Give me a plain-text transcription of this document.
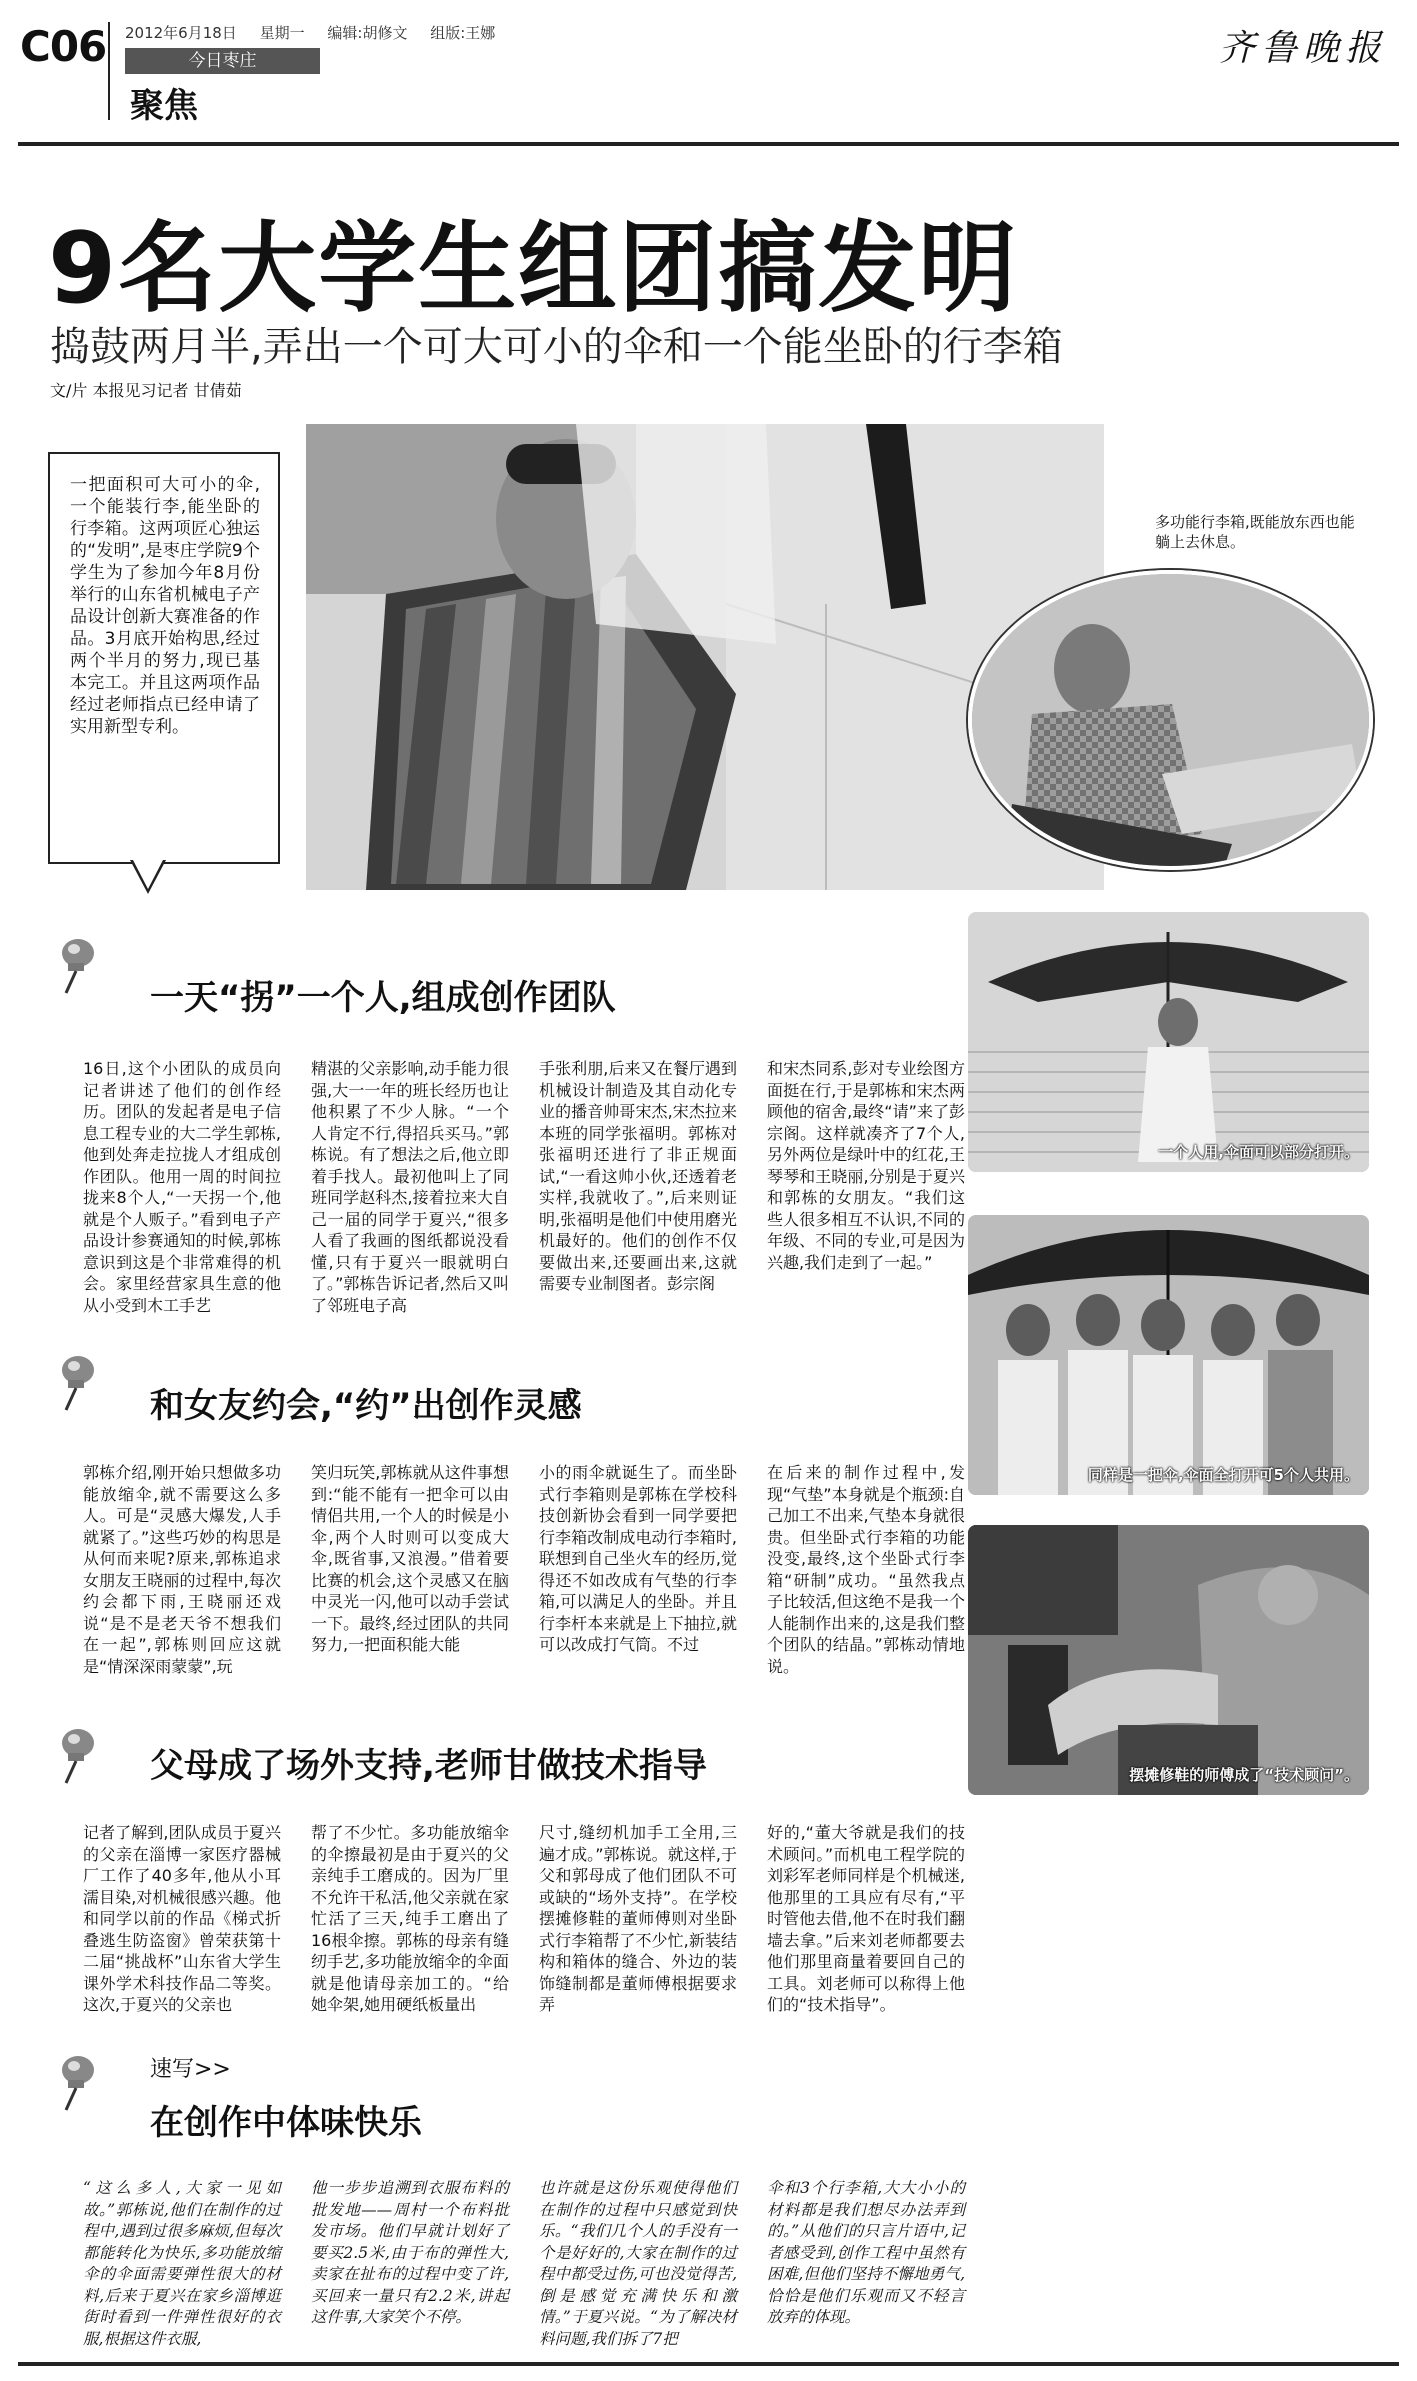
C06 2012年6月18日 星期一 编辑:胡修文 组版:王娜
今日枣庄
聚焦
齐鲁晚报
9名大学生组团搞发明
捣鼓两月半,弄出一个可大可小的伞和一个能坐卧的行李箱
文/片 本报见习记者 甘倩茹
一把面积可大可小的伞,一个能装行李,能坐卧的行李箱。这两项匠心独运的“发明”,是枣庄学院9个学生为了参加今年8月份举行的山东省机械电子产品设计创新大赛准备的作品。3月底开始构思,经过两个半月的努力,现已基本完工。并且这两项作品经过老师指点已经申请了实用新型专利。
多功能行李箱,既能放东西也能躺上去休息。
一个人用,伞面可以部分打开。
同样是一把伞,伞面全打开可5个人共用。
摆摊修鞋的师傅成了“技术顾问”。
一天“拐”一个人,组成创作团队
16日,这个小团队的成员向记者讲述了他们的创作经历。团队的发起者是电子信息工程专业的大二学生郭栋,他到处奔走拉拢人才组成创作团队。他用一周的时间拉拢来8个人,“一天拐一个,他就是个人贩子。”看到电子产品设计参赛通知的时候,郭栋意识到这是个非常难得的机会。家里经营家具生意的他从小受到木工手艺
精湛的父亲影响,动手能力很强,大一一年的班长经历也让他积累了不少人脉。“一个人肯定不行,得招兵买马。”郭栋说。有了想法之后,他立即着手找人。最初他叫上了同班同学赵科杰,接着拉来大自己一届的同学于夏兴,“很多人看了我画的图纸都说没看懂,只有于夏兴一眼就明白了。”郭栋告诉记者,然后又叫了邻班电子高
手张利朋,后来又在餐厅遇到机械设计制造及其自动化专业的播音帅哥宋杰,宋杰拉来本班的同学张福明。郭栋对张福明还进行了非正规面试,“一看这帅小伙,还透着老实样,我就收了。”,后来则证明,张福明是他们中使用磨光机最好的。他们的创作不仅要做出来,还要画出来,这就需要专业制图者。彭宗阁
和宋杰同系,彭对专业绘图方面挺在行,于是郭栋和宋杰两顾他的宿舍,最终“请”来了彭宗阁。这样就凑齐了7个人,另外两位是绿叶中的红花,王琴琴和王晓丽,分别是于夏兴和郭栋的女朋友。“我们这些人很多相互不认识,不同的年级、不同的专业,可是因为兴趣,我们走到了一起。”
和女友约会,“约”出创作灵感
郭栋介绍,刚开始只想做多功能放缩伞,就不需要这么多人。可是“灵感大爆发,人手就紧了。”这些巧妙的构思是从何而来呢?原来,郭栋追求女朋友王晓丽的过程中,每次约会都下雨,王晓丽还戏说“是不是老天爷不想我们在一起”,郭栋则回应这就是“情深深雨蒙蒙”,玩
笑归玩笑,郭栋就从这件事想到:“能不能有一把伞可以由情侣共用,一个人的时候是小伞,两个人时则可以变成大伞,既省事,又浪漫。”借着要比赛的机会,这个灵感又在脑中灵光一闪,他可以动手尝试一下。最终,经过团队的共同努力,一把面积能大能
小的雨伞就诞生了。而坐卧式行李箱则是郭栋在学校科技创新协会看到一同学要把行李箱改制成电动行李箱时,联想到自己坐火车的经历,觉得还不如改成有气垫的行李箱,可以满足人的坐卧。并且行李杆本来就是上下抽拉,就可以改成打气筒。不过
在后来的制作过程中,发现“气垫”本身就是个瓶颈:自己加工不出来,气垫本身就很贵。但坐卧式行李箱的功能没变,最终,这个坐卧式行李箱“研制”成功。“虽然我点子比较活,但这绝不是我一个人能制作出来的,这是我们整个团队的结晶。”郭栋动情地说。
父母成了场外支持,老师甘做技术指导
记者了解到,团队成员于夏兴的父亲在淄博一家医疗器械厂工作了40多年,他从小耳濡目染,对机械很感兴趣。他和同学以前的作品《梯式折叠逃生防盗窗》曾荣获第十二届“挑战杯”山东省大学生课外学术科技作品二等奖。这次,于夏兴的父亲也
帮了不少忙。多功能放缩伞的伞擦最初是由于夏兴的父亲纯手工磨成的。因为厂里不允许干私活,他父亲就在家忙活了三天,纯手工磨出了16根伞擦。郭栋的母亲有缝纫手艺,多功能放缩伞的伞面就是他请母亲加工的。“给她伞架,她用硬纸板量出
尺寸,缝纫机加手工全用,三遍才成。”郭栋说。就这样,于父和郭母成了他们团队不可或缺的“场外支持”。在学校摆摊修鞋的董师傅则对坐卧式行李箱帮了不少忙,新装结构和箱体的缝合、外边的装饰缝制都是董师傅根据要求弄
好的,“董大爷就是我们的技术顾问。”而机电工程学院的刘彩军老师同样是个机械迷,他那里的工具应有尽有,“平时管他去借,他不在时我们翻墙去拿。”后来刘老师都要去他们那里商量着要回自己的工具。刘老师可以称得上他们的“技术指导”。
速写>>
在创作中体味快乐
“这么多人,大家一见如故。”郭栋说,他们在制作的过程中,遇到过很多麻烦,但每次都能转化为快乐,多功能放缩伞的伞面需要弹性很大的材料,后来于夏兴在家乡淄博逛街时看到一件弹性很好的衣服,根据这件衣服,
他一步步追溯到衣服布料的批发地——周村一个布料批发市场。他们早就计划好了要买2.5米,由于布的弹性大,卖家在扯布的过程中变了许,买回来一量只有2.2米,讲起这件事,大家笑个不停。
也许就是这份乐观使得他们在制作的过程中只感觉到快乐。“我们几个人的手没有一个是好好的,大家在制作的过程中都受过伤,可也没觉得苦,倒是感觉充满快乐和激情。”于夏兴说。“为了解决材料问题,我们拆了7把
伞和3个行李箱,大大小小的材料都是我们想尽办法弄到的。”从他们的只言片语中,记者感受到,创作工程中虽然有困难,但他们坚持不懈地勇气,恰恰是他们乐观而又不轻言放弃的体现。
